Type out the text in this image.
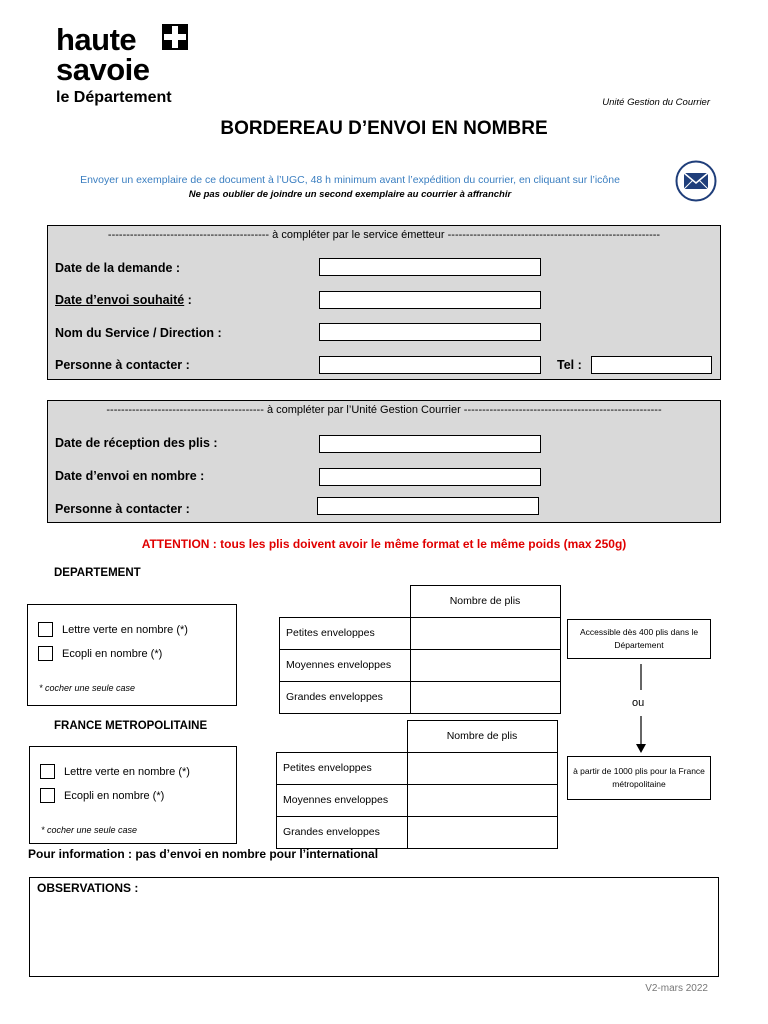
haute
savoie
le Département	Unité Gestion du Courrier
BORDEREAU D’ENVOI EN NOMBRE
Envoyer un exemplaire de ce document à l’UGC, 48 h minimum avant l’expédition du courrier, en cliquant sur l’icône
Ne pas oublier de joindre un second exemplaire au courrier à affranchir
-------------------------------------------- à compléter par le service émetteur ----------------------------------------------------------
Date de la demande :
Date d’envoi souhaité :
Nom du Service / Direction :
Personne à contacter :	Tel :
------------------------------------------- à compléter par l’Unité Gestion Courrier ------------------------------------------------------
Date de réception des plis :
Date d’envoi en nombre :
Personne à contacter :
ATTENTION : tous les plis doivent avoir le même format et le même poids (max 250g)
DEPARTEMENT
Lettre verte en nombre (*)
Ecopli en nombre (*)
* cocher une seule case
	Nombre de plis
Petites enveloppes	
Moyennes enveloppes	
Grandes enveloppes	
Accessible dès 400 plis dans le Département
ou
FRANCE METROPOLITAINE
Lettre verte en nombre (*)
Ecopli en nombre (*)
* cocher une seule case
	Nombre de plis
Petites enveloppes	
Moyennes enveloppes	
Grandes enveloppes	
à partir de 1000 plis pour la France métropolitaine
Pour information : pas d’envoi en nombre pour l’international
OBSERVATIONS :
V2-mars 2022
